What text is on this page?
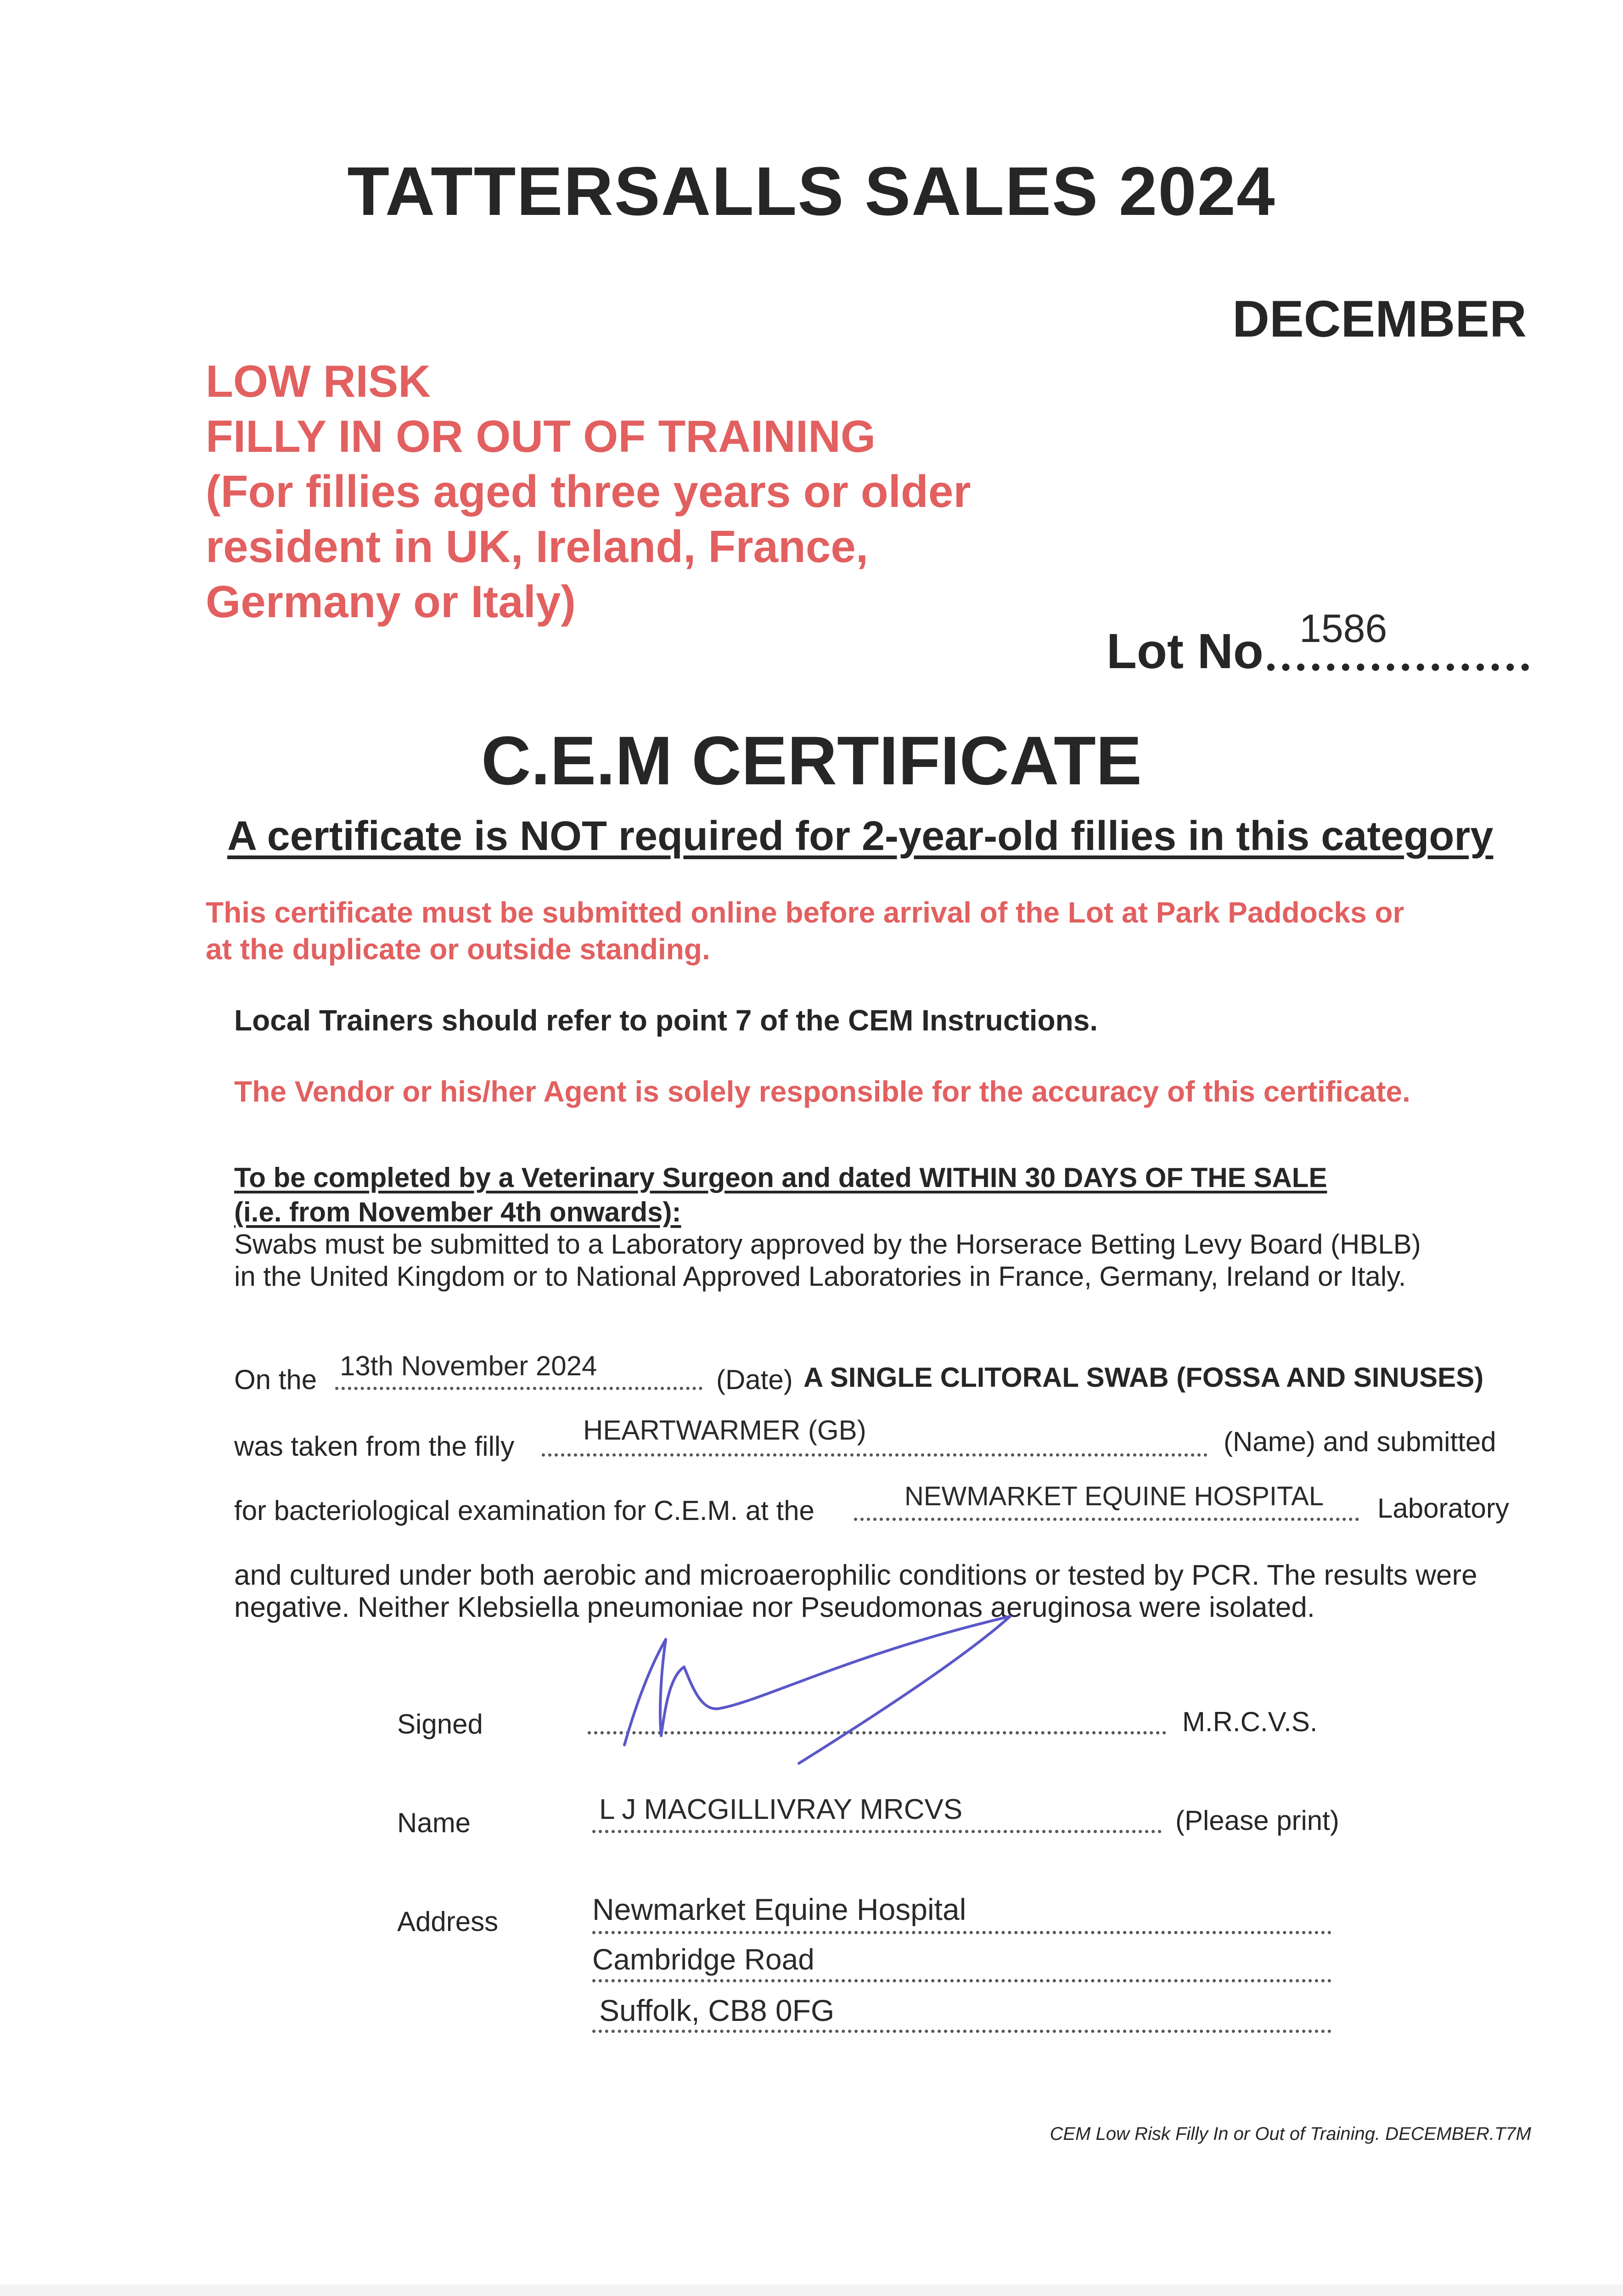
TATTERSALLS SALES 2024
DECEMBER
LOW RISK
FILLY IN OR OUT OF TRAINING
(For fillies aged three years or older
resident in UK, Ireland, France,
Germany or Italy)
Lot No 1586
C.E.M CERTIFICATE
A certificate is NOT required for 2-year-old fillies in this category
This certificate must be submitted online before arrival of the Lot at Park Paddocks or
at the duplicate or outside standing.
Local Trainers should refer to point 7 of the CEM Instructions.
The Vendor or his/her Agent is solely responsible for the accuracy of this certificate.
To be completed by a Veterinary Surgeon and dated WITHIN 30 DAYS OF THE SALE
(i.e. from November 4th onwards):
Swabs must be submitted to a Laboratory approved by the Horserace Betting Levy Board (HBLB)
in the United Kingdom or to National Approved Laboratories in France, Germany, Ireland or Italy.
On the 13th November 2024	(Date) A SINGLE CLITORAL SWAB (FOSSA AND SINUSES)
was taken from the filly
HEARTWARMER (GB)	(Name) and submitted
for bacteriological examination for C.E.M. at the	NEWMARKET EQUINE HOSPITAL Laboratory
and cultured under both aerobic and microaerophilic conditions or tested by PCR. The results were
negative. Neither Klebsiella pneumoniae nor Pseudomonas aeruginosa were isolated.
Signed	M.R.C.V.S.
Name	L J MACGILLIVRAY MRCVS	(Please print)
Address	Newmarket Equine Hospital
Cambridge Road
Suffolk, CB8 0FG
CEM Low Risk Filly In or Out of Training. DECEMBER.T7M
